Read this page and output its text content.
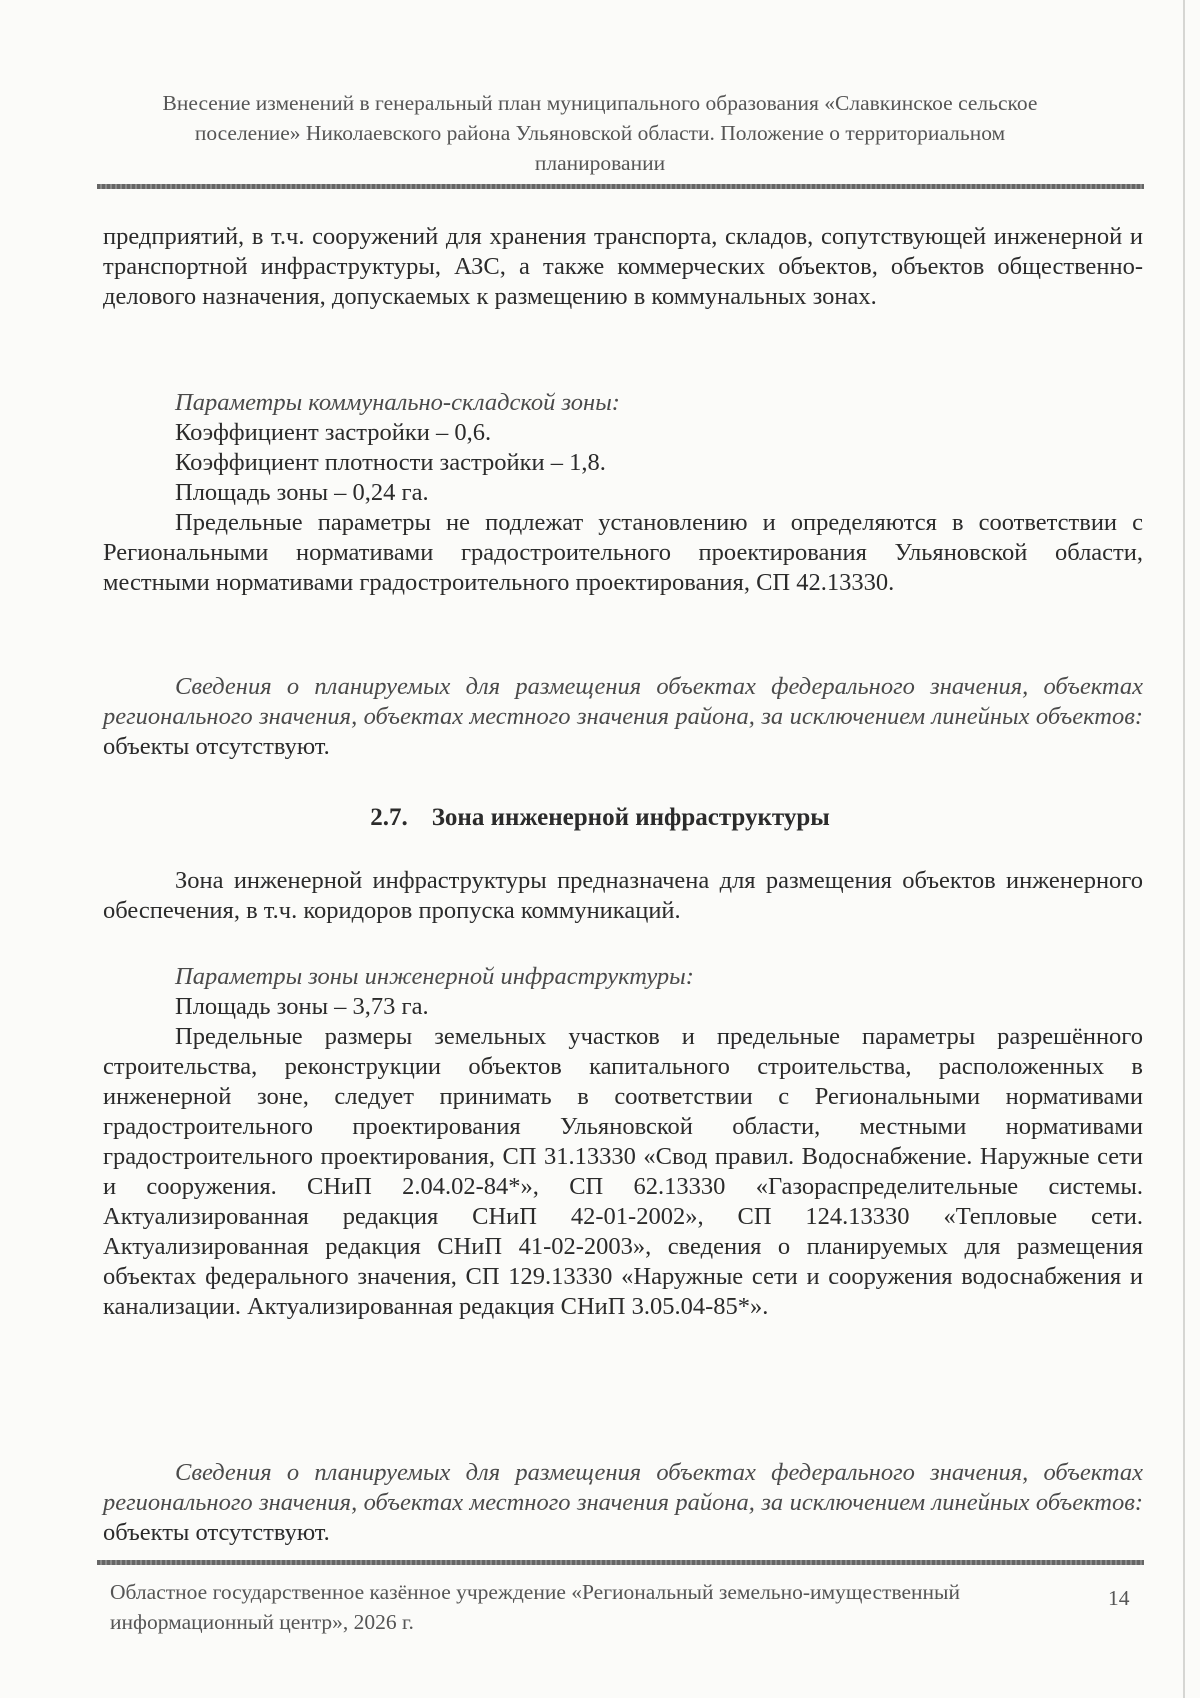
Внесение изменений в генеральный план муниципального образования «Славкинское сельское
поселение» Николаевского района Ульяновской области. Положение о территориальном
планировании
предприятий, в т.ч. сооружений для хранения транспорта, складов, сопутствующей инженерной и транспортной инфраструктуры, АЗС, а также коммерческих объектов, объектов общественно-делового назначения, допускаемых к размещению в коммунальных зонах.
Параметры коммунально-складской зоны:
Коэффициент застройки – 0,6.
Коэффициент плотности застройки – 1,8.
Площадь зоны – 0,24 га.
Предельные параметры не подлежат установлению и определяются в соответствии с Региональными нормативами градостроительного проектирования Ульяновской области, местными нормативами градостроительного проектирования, СП 42.13330.
Сведения о планируемых для размещения объектах федерального значения, объектах регионального значения, объектах местного значения района, за исключением линейных объектов: объекты отсутствуют.
2.7. Зона инженерной инфраструктуры
Зона инженерной инфраструктуры предназначена для размещения объектов инженерного обеспечения, в т.ч. коридоров пропуска коммуникаций.
Параметры зоны инженерной инфраструктуры:
Площадь зоны – 3,73 га.
Предельные размеры земельных участков и предельные параметры разрешённого строительства, реконструкции объектов капитального строительства, расположенных в инженерной зоне, следует принимать в соответствии с Региональными нормативами градостроительного проектирования Ульяновской области, местными нормативами градостроительного проектирования, СП 31.13330 «Свод правил. Водоснабжение. Наружные сети и сооружения. СНиП 2.04.02-84*», СП 62.13330 «Газораспределительные системы. Актуализированная редакция СНиП 42-01-2002», СП 124.13330 «Тепловые сети. Актуализированная редакция СНиП 41-02-2003», сведения о планируемых для размещения объектах федерального значения, СП 129.13330 «Наружные сети и сооружения водоснабжения и канализации. Актуализированная редакция СНиП 3.05.04-85*».
Сведения о планируемых для размещения объектах федерального значения, объектах регионального значения, объектах местного значения района, за исключением линейных объектов: объекты отсутствуют.
Областное государственное казённое учреждение «Региональный земельно-имущественный
информационный центр», 2026 г.
14
